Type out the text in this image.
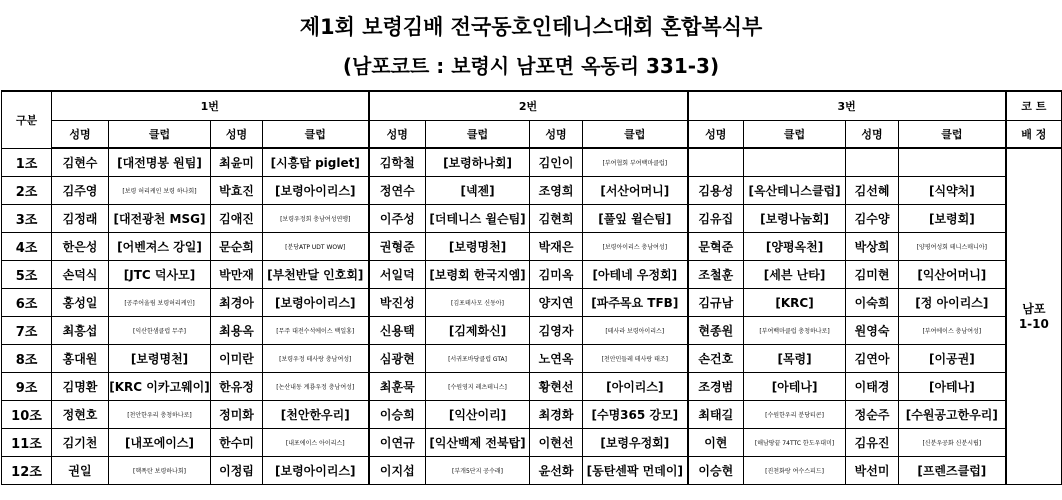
제1회 보령김배 전국동호인테니스대회 혼합복식부
(남포코트 : 보령시 남포면 옥동리 331-3)
구분	1번				2번				3번				코 트
	성명	클럽	성명	클럽	성명	클럽	성명	클럽	성명	클럽	성명	클럽	배 정
1조	김현수	[대전명봉 원팀]	최윤미	[시흥탑 piglet]	김학철	[보령하나회]	김인이	[부여협회 부여백마클럽]					남포
1-10

2조	김주영	[보령 허리케인 보령 하나회]	박효진	[보령아이리스]	정연수	[넥젠]	조영희	[서산어머니]	김용성	[옥산테니스클럽]	김선혜	[식약처]	
3조	김정래	[대전광천 MSG]	김애진	[보령우정회 충남여성연맹]	이주성	[더테니스 윌슨팀]	김현희	[풀잎 윌슨팀]	김유집	[보령나눔회]	김수양	[보령회]	
4조	한은성	[어벤져스 강일]	문순희	[분당ATP UDT WOW]	권형준	[보령명천]	박재은	[보령아이리스 충남여성]	문혁준	[양평옥천]	박상희	[양평여성회 테니스매니아]	
5조	손덕식	[JTC 덕사모]	박만재	[부천반달 인호회]	서일덕	[보령회 한국지엠]	김미옥	[아테네 우정회]	조철훈	[세븐 난타]	김미현	[익산어머니]	
6조	홍성일	[공주어울림 보령허리케인]	최경아	[보령아이리스]	박진성	[김포테사모 신동아]	양지연	[파주목요 TFB]	김규남	[KRC]	이숙희	[정 아이리스]	
7조	최흥섭	[익산한샘클럽 무주]	최용옥	[무주 대전수석에이스 백일홍]	신용택	[김제화신]	김영자	[테사라 보령아이리스]	현종원	[부여백마클럽 충청하나로]	원영숙	[부여에이스 충남여성]	
8조	홍대원	[보령명천]	이미란	[보령우정 테사랑 충남여성]	심광현	[서귀포바당클럽 GTA]	노연옥	[천안민들레 테사랑 태조]	손건호	[목령]	김연아	[이공권]	
9조	김명환	[KRC 이카고웨이]	한유정	[논산내동 계룡우정 충남여성]	최훈묵	[수원영지 레츠테니스]	황현선	[아이리스]	조경범	[아테나]	이태경	[아테나]	
10조	정현호	[천안한우리 충청하나로]	정미화	[천안한우리]	이승희	[익산이리]	최경화	[수명365 강모]	최태길	[수원한우리 분당티콘]	정순주	[수원공고한우리]	
11조	김기천	[내포에이스]	한수미	[내포에이스 아이리스]	이연규	[익산백제 전북탑]	이현선	[보령우정회]	이현	[해남땅끝 74TTC 한도우대미]	김유진	[신분우공화 신분시립]	
12조	권일	[핵폭탄 보령하나회]	이정림	[보령아이리스]	이지섭	[부개5단지 공수래]	윤선화	[동탄센팍 먼데이]	이승현	[진천화랑 여수스피드]	박선미	[프렌즈클럽]	
